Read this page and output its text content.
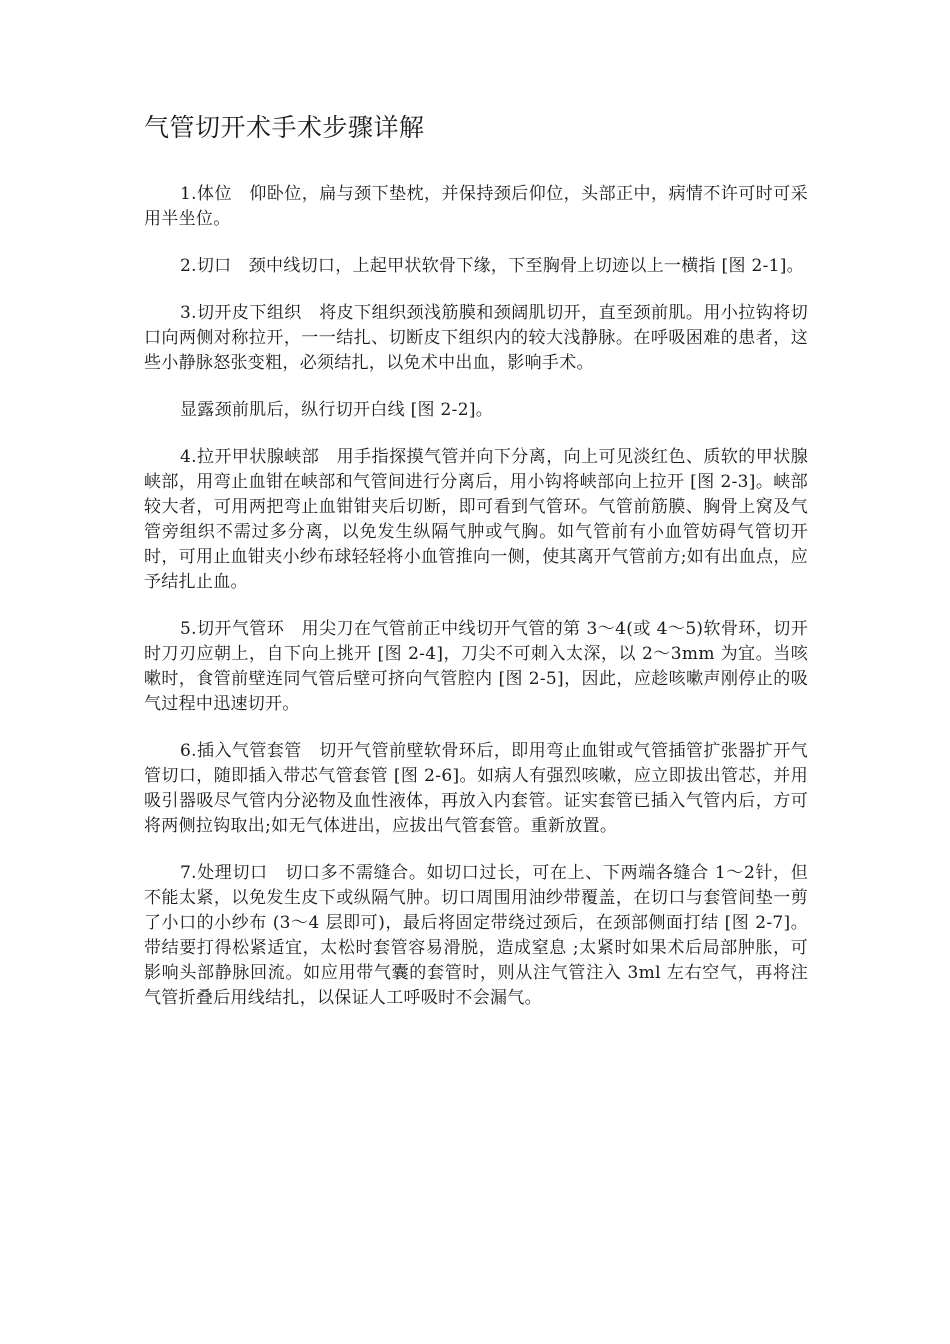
气管切开术手术步骤详解

1.体位　仰卧位，扁与颈下垫枕，并保持颈后仰位，头部正中，病情不许可时可采用半坐位。

2.切口　颈中线切口，上起甲状软骨下缘，下至胸骨上切迹以上一横指 [图 2-1]。

3.切开皮下组织　将皮下组织颈浅筋膜和颈阔肌切开，直至颈前肌。用小拉钩将切口向两侧对称拉开，一一结扎、切断皮下组织内的较大浅静脉。在呼吸困难的患者，这些小静脉怒张变粗，必须结扎，以免术中出血，影响手术。

显露颈前肌后，纵行切开白线 [图 2-2]。

4.拉开甲状腺峡部　用手指探摸气管并向下分离，向上可见淡红色、质软的甲状腺峡部，用弯止血钳在峡部和气管间进行分离后，用小钩将峡部向上拉开 [图 2-3]。峡部较大者，可用两把弯止血钳钳夹后切断，即可看到气管环。气管前筋膜、胸骨上窝及气管旁组织不需过多分离，以免发生纵隔气肿或气胸。如气管前有小血管妨碍气管切开时，可用止血钳夹小纱布球轻轻将小血管推向一侧，使其离开气管前方;如有出血点，应予结扎止血。

5.切开气管环　用尖刀在气管前正中线切开气管的第 3～4(或 4～5)软骨环，切开时刀刃应朝上，自下向上挑开 [图 2-4]，刀尖不可刺入太深，以 2～3mm 为宜。当咳嗽时，食管前壁连同气管后壁可挤向气管腔内 [图 2-5]，因此，应趁咳嗽声刚停止的吸气过程中迅速切开。

6.插入气管套管　切开气管前壁软骨环后，即用弯止血钳或气管插管扩张器扩开气管切口，随即插入带芯气管套管 [图 2-6]。如病人有强烈咳嗽，应立即拔出管芯，并用吸引器吸尽气管内分泌物及血性液体，再放入内套管。证实套管已插入气管内后，方可将两侧拉钩取出;如无气体进出，应拔出气管套管。重新放置。

7.处理切口　切口多不需缝合。如切口过长，可在上、下两端各缝合 1～2针，但不能太紧，以免发生皮下或纵隔气肿。切口周围用油纱带覆盖，在切口与套管间垫一剪了小口的小纱布 (3～4 层即可)，最后将固定带绕过颈后，在颈部侧面打结 [图 2-7]。带结要打得松紧适宜，太松时套管容易滑脱，造成窒息 ;太紧时如果术后局部肿胀，可影响头部静脉回流。如应用带气囊的套管时，则从注气管注入 3ml 左右空气，再将注气管折叠后用线结扎，以保证人工呼吸时不会漏气。
